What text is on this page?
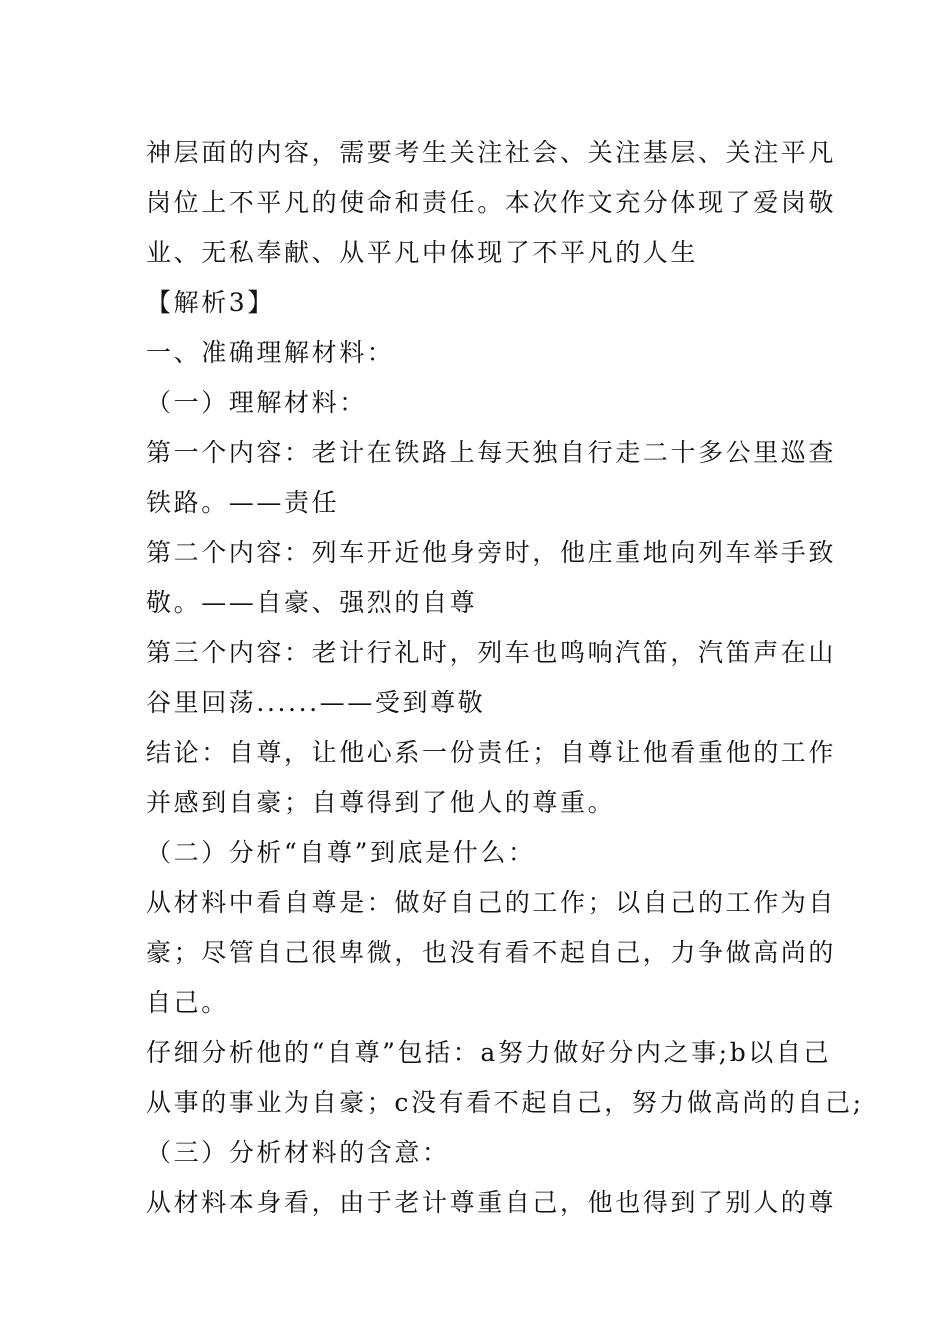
神层面的内容，需要考生关注社会、关注基层、关注平凡
岗位上不平凡的使命和责任。本次作文充分体现了爱岗敬
业、无私奉献、从平凡中体现了不平凡的人生
【解析3】
一、准确理解材料：
（一）理解材料：
第一个内容：老计在铁路上每天独自行走二十多公里巡查
铁路。——责任
第二个内容：列车开近他身旁时，他庄重地向列车举手致
敬。——自豪、强烈的自尊
第三个内容：老计行礼时，列车也鸣响汽笛，汽笛声在山
谷里回荡......——受到尊敬
结论：自尊，让他心系一份责任；自尊让他看重他的工作
并感到自豪；自尊得到了他人的尊重。
（二）分析“自尊”到底是什么：
从材料中看自尊是：做好自己的工作；以自己的工作为自
豪；尽管自己很卑微，也没有看不起自己，力争做高尚的
自己。
仔细分析他的“自尊”包括：a努力做好分内之事;b以自己
从事的事业为自豪；c没有看不起自己，努力做高尚的自己;
（三）分析材料的含意：
从材料本身看，由于老计尊重自己，他也得到了别人的尊
